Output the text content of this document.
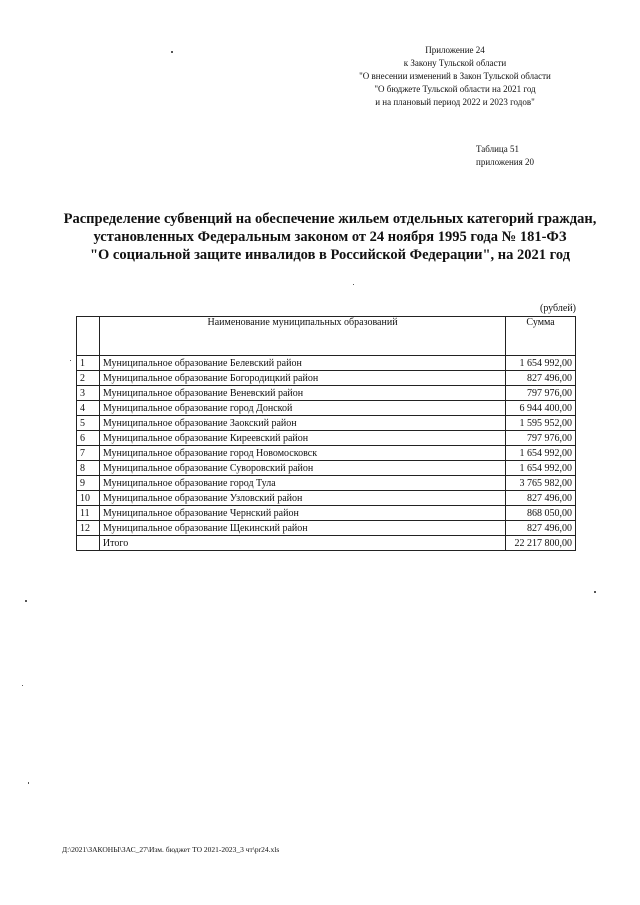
Приложение 24
к Закону Тульской области
"О внесении изменений в Закон Тульской области
"О бюджете Тульской области на 2021 год
и на плановый период 2022 и 2023 годов"
Таблица 51
приложения 20
Распределение субвенций на обеспечение жильем отдельных категорий граждан,
установленных Федеральным законом от 24 ноября 1995 года № 181-ФЗ
"О социальной защите инвалидов в Российской Федерации", на 2021 год
(рублей)
	Наименование муниципальных образований	Сумма
1	Муниципальное образование Белевский район	1 654 992,00
2	Муниципальное образование Богородицкий район	827 496,00
3	Муниципальное образование Веневский район	797 976,00
4	Муниципальное образование город Донской	6 944 400,00
5	Муниципальное образование Заокский район	1 595 952,00
6	Муниципальное образование Киреевский район	797 976,00
7	Муниципальное образование город Новомосковск	1 654 992,00
8	Муниципальное образование Суворовский район	1 654 992,00
9	Муниципальное образование город Тула	3 765 982,00
10	Муниципальное образование Узловский район	827 496,00
11	Муниципальное образование Чернский район	868 050,00
12	Муниципальное образование Щекинский район	827 496,00
	Итого	22 217 800,00
Д:\2021\ЗАКОНЫ\ЗАС_27\Изм. бюджет ТО 2021-2023_3 чт\pr24.xls
